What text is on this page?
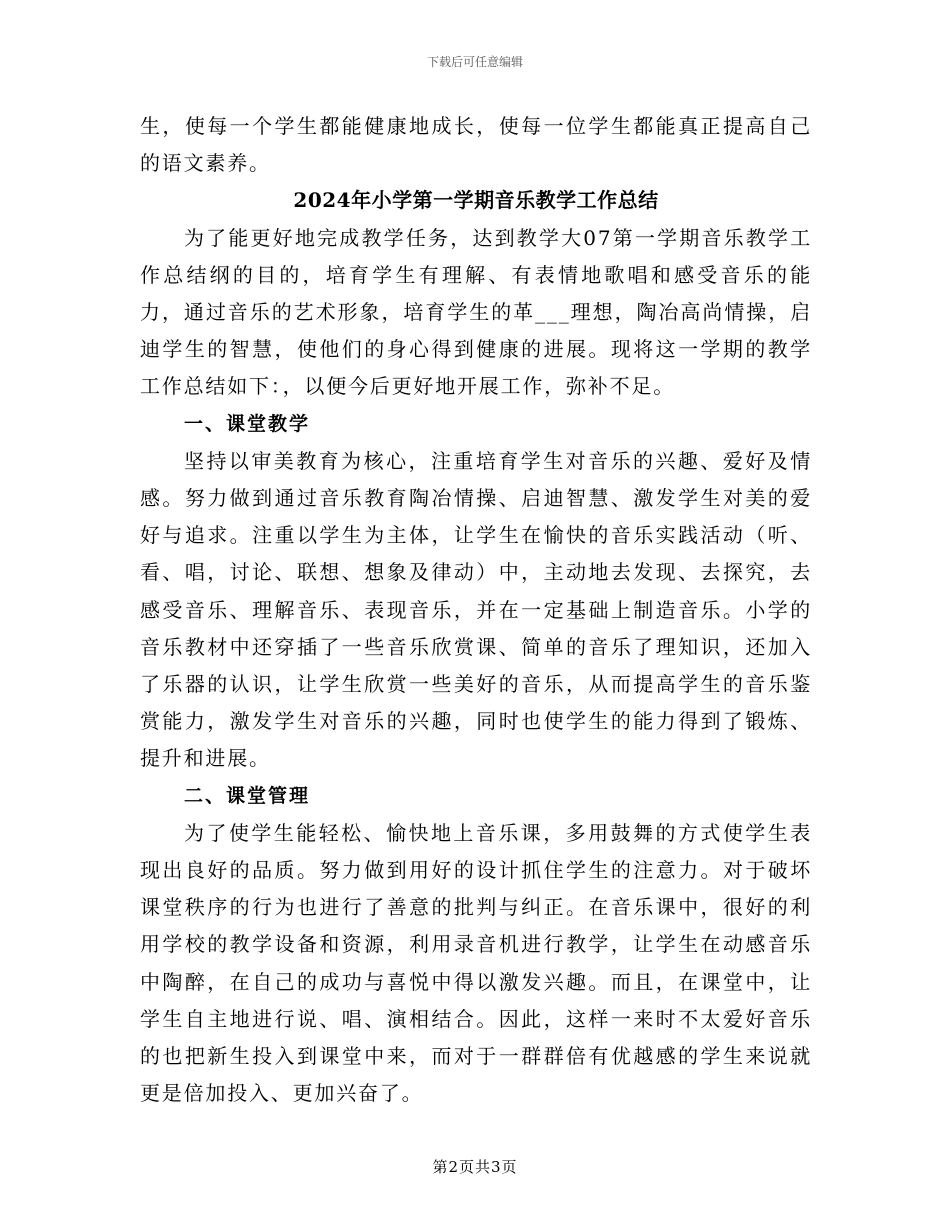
下载后可任意编辑

生，使每一个学生都能健康地成长，使每一位学生都能真正提高自己的语文素养。

2024年小学第一学期音乐教学工作总结

为了能更好地完成教学任务，达到教学大07第一学期音乐教学工作总结纲的目的，培育学生有理解、有表情地歌唱和感受音乐的能力，通过音乐的艺术形象，培育学生的革___理想，陶冶高尚情操，启迪学生的智慧，使他们的身心得到健康的进展。现将这一学期的教学工作总结如下：，以便今后更好地开展工作，弥补不足。

一、课堂教学

坚持以审美教育为核心，注重培育学生对音乐的兴趣、爱好及情感。努力做到通过音乐教育陶冶情操、启迪智慧、激发学生对美的爱好与追求。注重以学生为主体，让学生在愉快的音乐实践活动（听、看、唱，讨论、联想、想象及律动）中，主动地去发现、去探究，去感受音乐、理解音乐、表现音乐，并在一定基础上制造音乐。小学的音乐教材中还穿插了一些音乐欣赏课、简单的音乐了理知识，还加入了乐器的认识，让学生欣赏一些美好的音乐，从而提高学生的音乐鉴赏能力，激发学生对音乐的兴趣，同时也使学生的能力得到了锻炼、提升和进展。

二、课堂管理

为了使学生能轻松、愉快地上音乐课，多用鼓舞的方式使学生表现出良好的品质。努力做到用好的设计抓住学生的注意力。对于破坏课堂秩序的行为也进行了善意的批判与纠正。在音乐课中，很好的利用学校的教学设备和资源，利用录音机进行教学，让学生在动感音乐中陶醉，在自己的成功与喜悦中得以激发兴趣。而且，在课堂中，让学生自主地进行说、唱、演相结合。因此，这样一来时不太爱好音乐的也把新生投入到课堂中来，而对于一群群倍有优越感的学生来说就更是倍加投入、更加兴奋了。

第2页共3页
